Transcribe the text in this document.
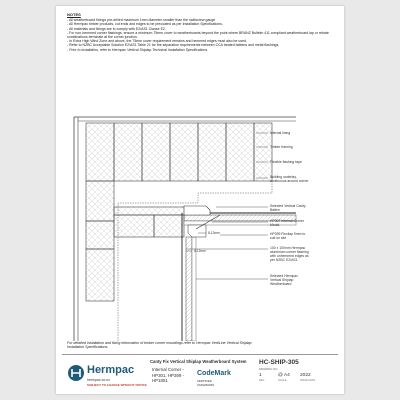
NOTES
- All weatherboard fixings pre-drilled maximum 1mm diameter smaller than the nail/screw gauge
- All Hermpac timber products, cut ends and edges to be precoated as per Installation Specifications.
- All materials and fixings are to comply with E2/AS1 Clause E2.
- For non-hemmed corner flashings, ensure a minimum 75mm cover to weatherboards beyond the point where BRANZ Bulletin 411 compliant weatherboard lap or rebate combinations terminate at the corner junction.
- In Extra High Wind Zone and above, the 75mm cover requirement remains and hemmed edges must also be used.
- Refer to NZBC Acceptable Solution E2/AS1 Table 21 for the separation requirements between CCA treated battens and metal flashings.
- Prior to installation, refer to Hermpac Vertical Shiplap Technical Installation Specifications.
8-12mm
8-12mm
Internal lining
Timber framing
Flexible flashing tape
Building underlay,
continuous around corner
Selected Vertical Cavity
Batten
HP307 Internal Corner
Mould
HP399 Flexilap 9mm to
suit on site
100 x 100mm Hermpac
aluminium corner flashing
with unhemmed edges as
per NZBC E2/AS1
Selected Hermpac
Vertical Shiplap
Weatherboard
For detailed installation and fixing information of timber corner mouldings refer to Hermpac VertiLine Vertical Shiplap Installation Specifications.
Hermpac
hermpac.co.nz
SUBJECT TO CHANGE WITHOUT NOTICE
Canty Fix Vertical Shiplap Weatherboard System
Internal Corner -
HP301, HP399 -
HP1851
CodeMark
CERTIFIED
CMNZ30039
HC-SHIP-305
DRAWING NO
1	@ A4 2022
REV	SCALE	ISSUE DATE
